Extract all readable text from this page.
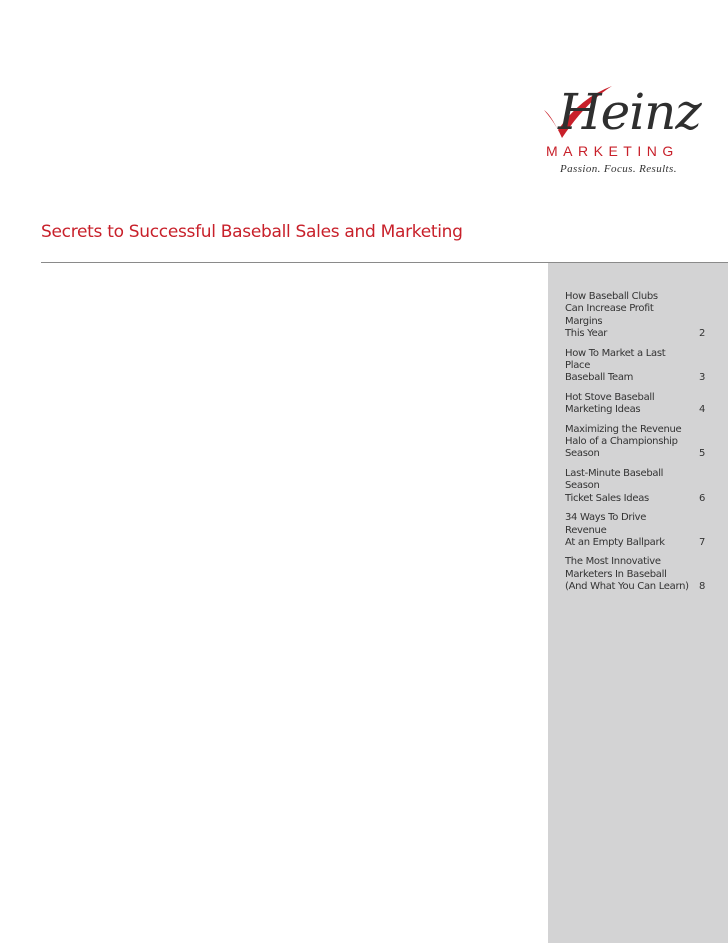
Heinz
MARKETING
Passion. Focus. Results.
Secrets to Successful Baseball Sales and Marketing
How Baseball Clubs
Can Increase Profit Margins
This Year	2
How To Market a Last Place
Baseball Team	3
Hot Stove Baseball
Marketing Ideas	4
Maximizing the Revenue
Halo of a Championship
Season	5
Last-Minute Baseball Season
Ticket Sales Ideas	6
34 Ways To Drive Revenue
At an Empty Ballpark	7
The Most Innovative
Marketers In Baseball
(And What You Can Learn) 8
